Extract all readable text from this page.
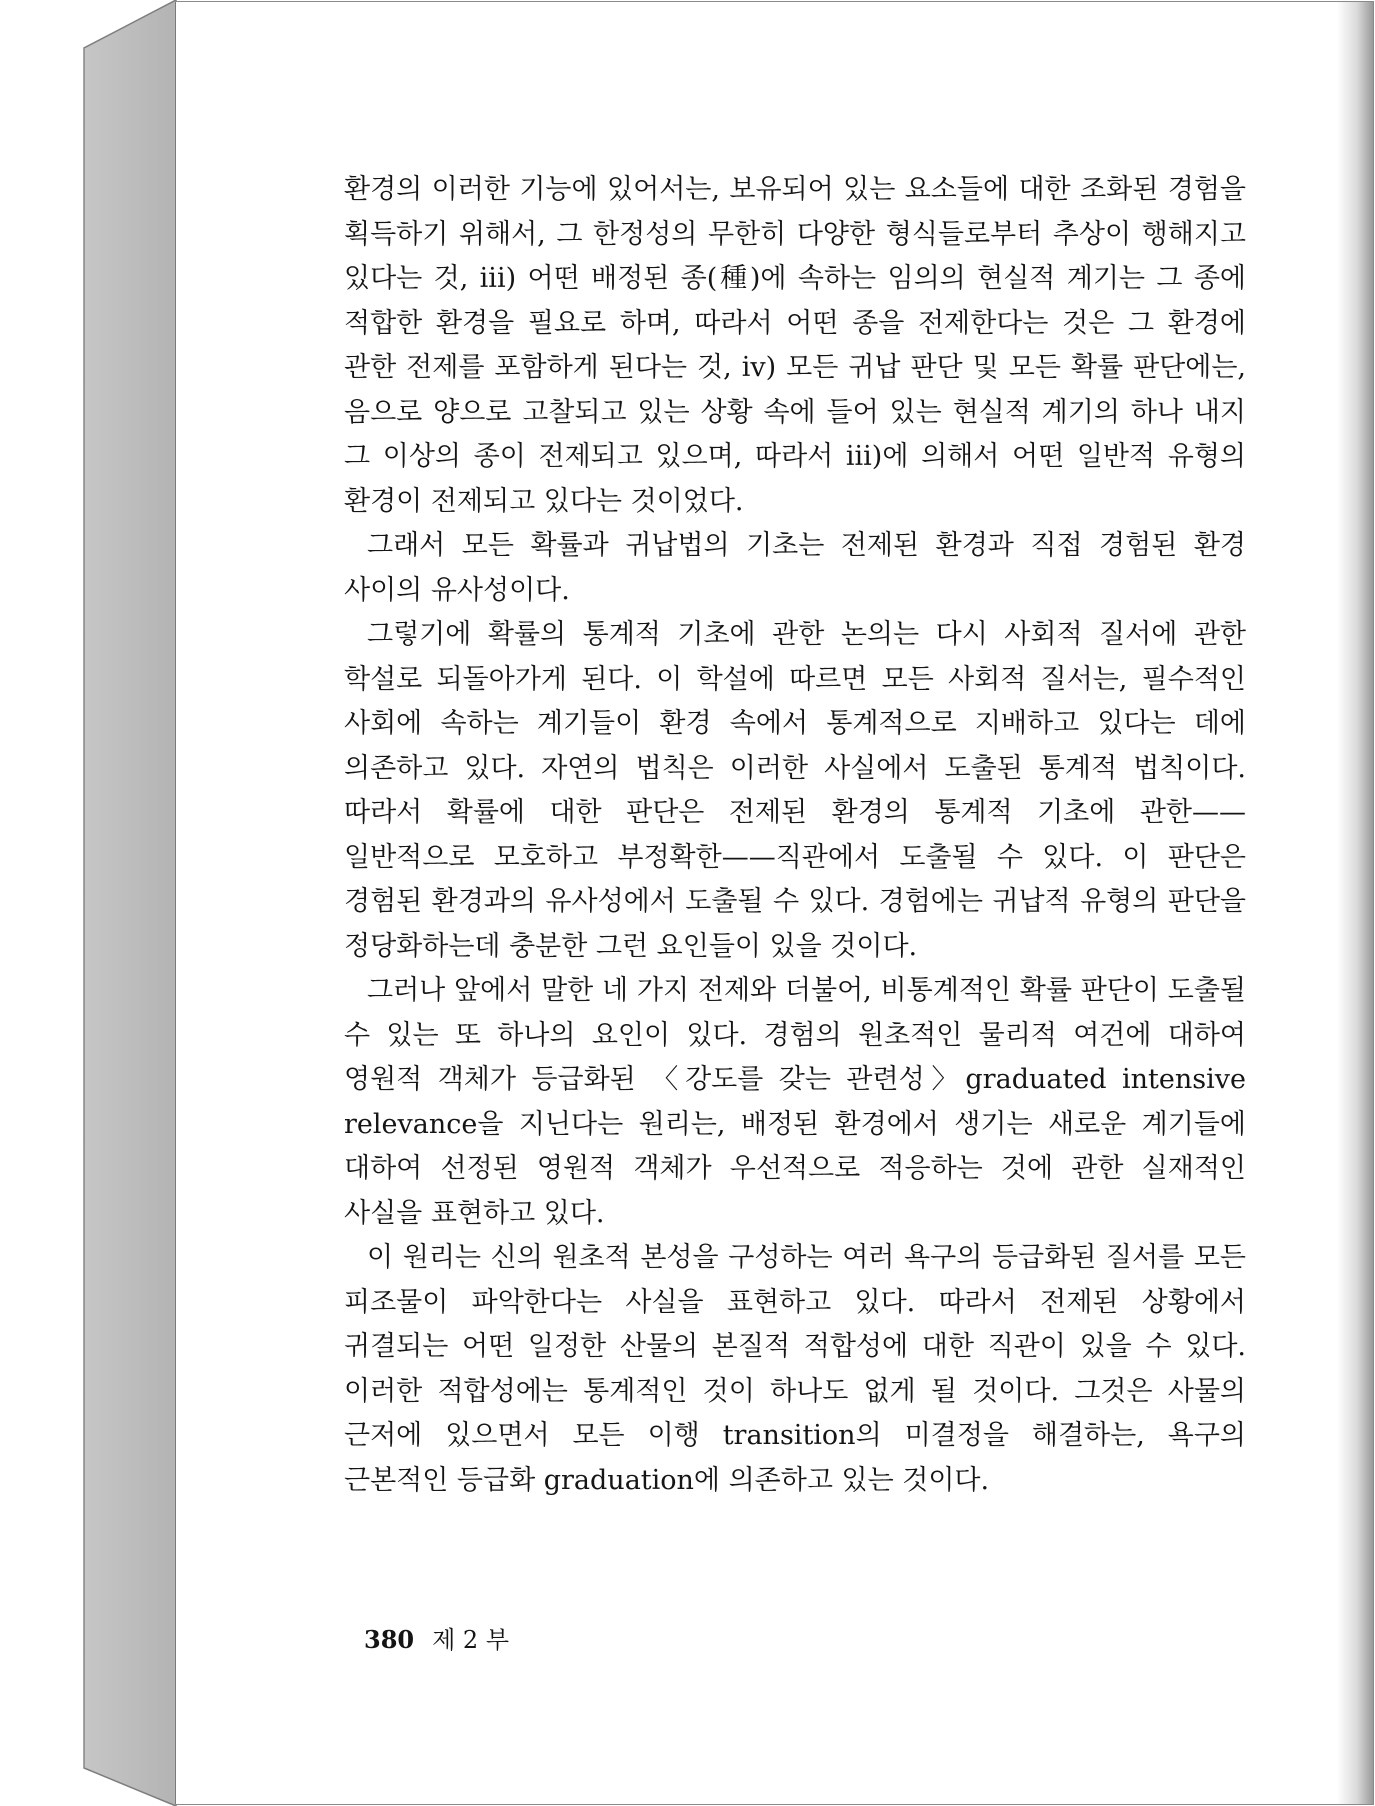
환경의 이러한 기능에 있어서는, 보유되어 있는 요소들에 대한 조화된 경험을 획득하기 위해서, 그 한정성의 무한히 다양한 형식들로부터 추상이 행해지고 있다는 것, iii) 어떤 배정된 종(種)에 속하는 임의의 현실적 계기는 그 종에 적합한 환경을 필요로 하며, 따라서 어떤 종을 전제한다는 것은 그 환경에 관한 전제를 포함하게 된다는 것, iv) 모든 귀납 판단 및 모든 확률 판단에는, 음으로 양으로 고찰되고 있는 상황 속에 들어 있는 현실적 계기의 하나 내지 그 이상의 종이 전제되고 있으며, 따라서 iii)에 의해서 어떤 일반적 유형의 환경이 전제되고 있다는 것이었다.

그래서 모든 확률과 귀납법의 기초는 전제된 환경과 직접 경험된 환경 사이의 유사성이다.

그렇기에 확률의 통계적 기초에 관한 논의는 다시 사회적 질서에 관한 학설로 되돌아가게 된다. 이 학설에 따르면 모든 사회적 질서는, 필수적인 사회에 속하는 계기들이 환경 속에서 통계적으로 지배하고 있다는 데에 의존하고 있다. 자연의 법칙은 이러한 사실에서 도출된 통계적 법칙이다. 따라서 확률에 대한 판단은 전제된 환경의 통계적 기초에 관한——일반적으로 모호하고 부정확한——직관에서 도출될 수 있다. 이 판단은 경험된 환경과의 유사성에서 도출될 수 있다. 경험에는 귀납적 유형의 판단을 정당화하는데 충분한 그런 요인들이 있을 것이다.

그러나 앞에서 말한 네 가지 전제와 더불어, 비통계적인 확률 판단이 도출될 수 있는 또 하나의 요인이 있다. 경험의 원초적인 물리적 여건에 대하여 영원적 객체가 등급화된 〈강도를 갖는 관련성〉graduated intensive relevance을 지닌다는 원리는, 배정된 환경에서 생기는 새로운 계기들에 대하여 선정된 영원적 객체가 우선적으로 적응하는 것에 관한 실재적인 사실을 표현하고 있다.

이 원리는 신의 원초적 본성을 구성하는 여러 욕구의 등급화된 질서를 모든 피조물이 파악한다는 사실을 표현하고 있다. 따라서 전제된 상황에서 귀결되는 어떤 일정한 산물의 본질적 적합성에 대한 직관이 있을 수 있다. 이러한 적합성에는 통계적인 것이 하나도 없게 될 것이다. 그것은 사물의 근저에 있으면서 모든 이행 transition의 미결정을 해결하는, 욕구의 근본적인 등급화 graduation에 의존하고 있는 것이다.

380 제 2 부
